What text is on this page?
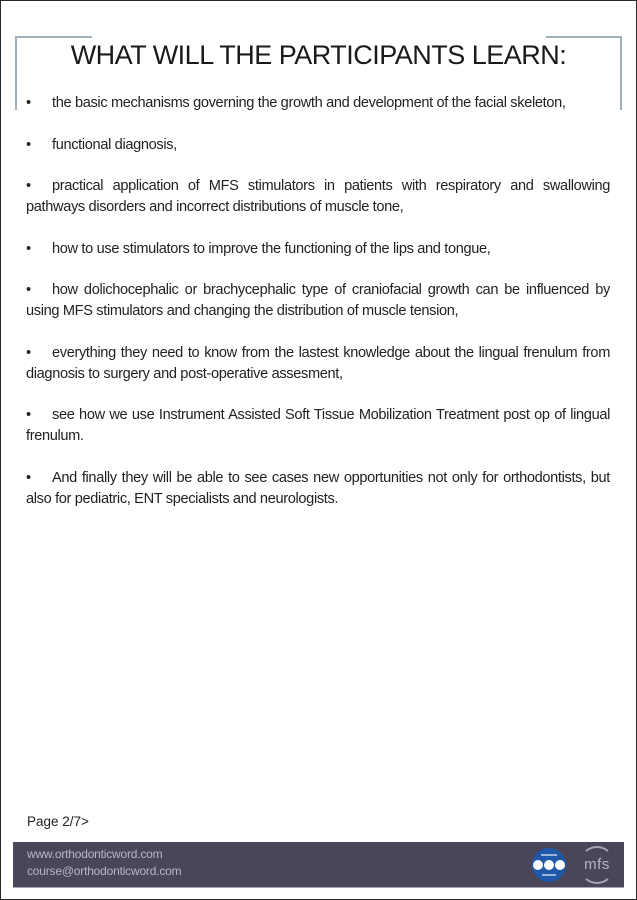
WHAT WILL THE PARTICIPANTS LEARN:
• the basic mechanisms governing the growth and development of the facial skeleton,
• functional diagnosis,
• practical application of MFS stimulators in patients with respiratory and swallowing pathways disorders and incorrect distributions of muscle tone,
• how to use stimulators to improve the functioning of the lips and tongue,
• how dolichocephalic or brachycephalic type of craniofacial growth can be influenced by using MFS stimulators and changing the distribution of muscle tension,
• everything they need to know from the lastest knowledge about the lingual frenulum from diagnosis to surgery and post-operative assesment,
• see how we use Instrument Assisted Soft Tissue Mobilization Treatment post op of lingual frenulum.
• And finally they will be able to see cases new opportunities not only for orthodontists, but also for pediatric, ENT specialists and neurologists.
Page 2/7>
www.orthodonticword.com
course@orthodonticword.com	mfs
